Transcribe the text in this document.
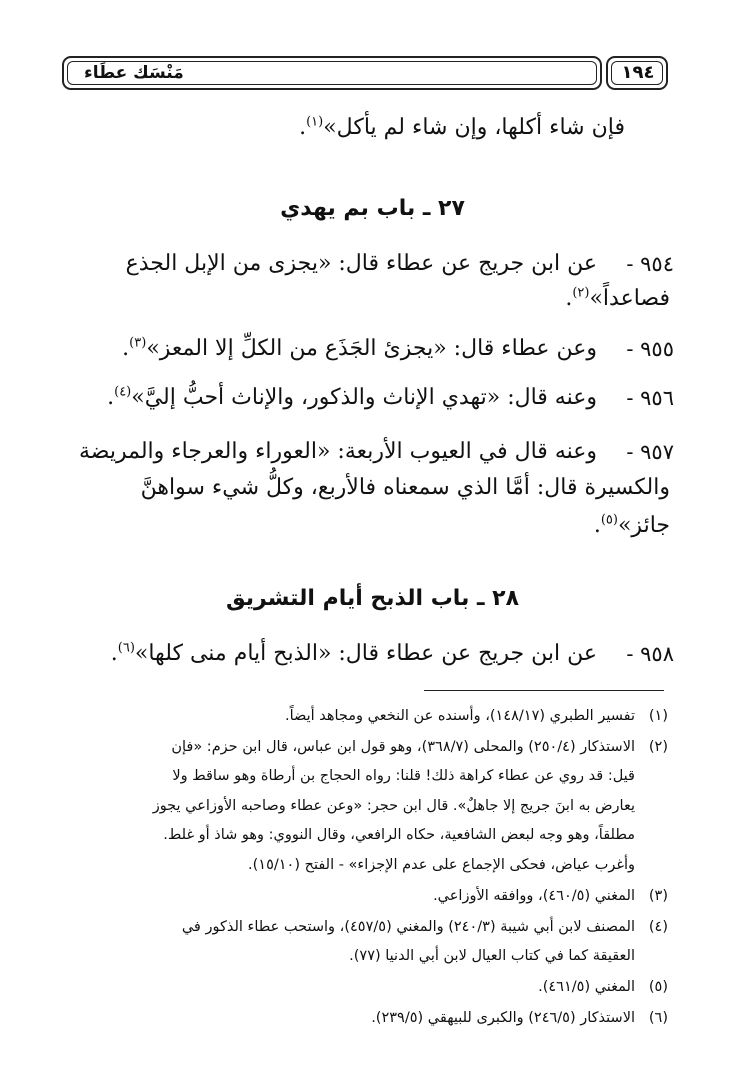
مَنْسَك عطَاء	١٩٤
فإن شاء أكلها، وإن شاء لم يأكل»$^{(١)}$.
٢٧ ـ باب بم يهدي
٩٥٤ -
عن ابن جريج عن عطاء قال: «يجزى من الإبل الجذع
فصاعداً»$^{(٢)}$.
٩٥٥ -
وعن عطاء قال: «يجزئ الجَذَع من الكلِّ إلا المعز»$^{(٣)}$.
٩٥٦ -
وعنه قال: «تهدي الإناث والذكور، والإناث أحبُّ إليَّ»$^{(٤)}$.
٩٥٧ -
وعنه قال في العيوب الأربعة: «العوراء والعرجاء والمريضة
والكسيرة قال: أمَّا الذي سمعناه فالأربع، وكلُّ شيء سواهنَّ
جائز»$^{(٥)}$.
٢٨ ـ باب الذبح أيام التشريق
٩٥٨ -
عن ابن جريج عن عطاء قال: «الذبح أيام منى كلها»$^{(٦)}$.
(١)
تفسير الطبري (١٤٨/١٧)، وأسنده عن النخعي ومجاهد أيضاً.
(٢)
الاستذكار (٢٥٠/٤) والمحلى (٣٦٨/٧)، وهو قول ابن عباس، قال ابن حزم: «فإن
قيل: قد روي عن عطاء كراهة ذلك! قلنا: رواه الحجاج بن أرطاة وهو ساقط ولا
يعارض به ابنَ جريج إلا جاهلٌ». قال ابن حجر: «وعن عطاء وصاحبه الأوزاعي يجوز
مطلقاً، وهو وجه لبعض الشافعية، حكاه الرافعي، وقال النووي: وهو شاذ أو غلط.
وأغرب عياض، فحكى الإجماع على عدم الإجزاء» - الفتح (١٥/١٠).
(٣)
المغني (٤٦٠/٥)، ووافقه الأوزاعي.
(٤)
المصنف لابن أبي شيبة (٢٤٠/٣) والمغني (٤٥٧/٥)، واستحب عطاء الذكور في
العقيقة كما في كتاب العيال لابن أبي الدنيا (٧٧).
(٥)
المغني (٤٦١/٥).
(٦)
الاستذكار (٢٤٦/٥) والكبرى للبيهقي (٢٣٩/٥).
